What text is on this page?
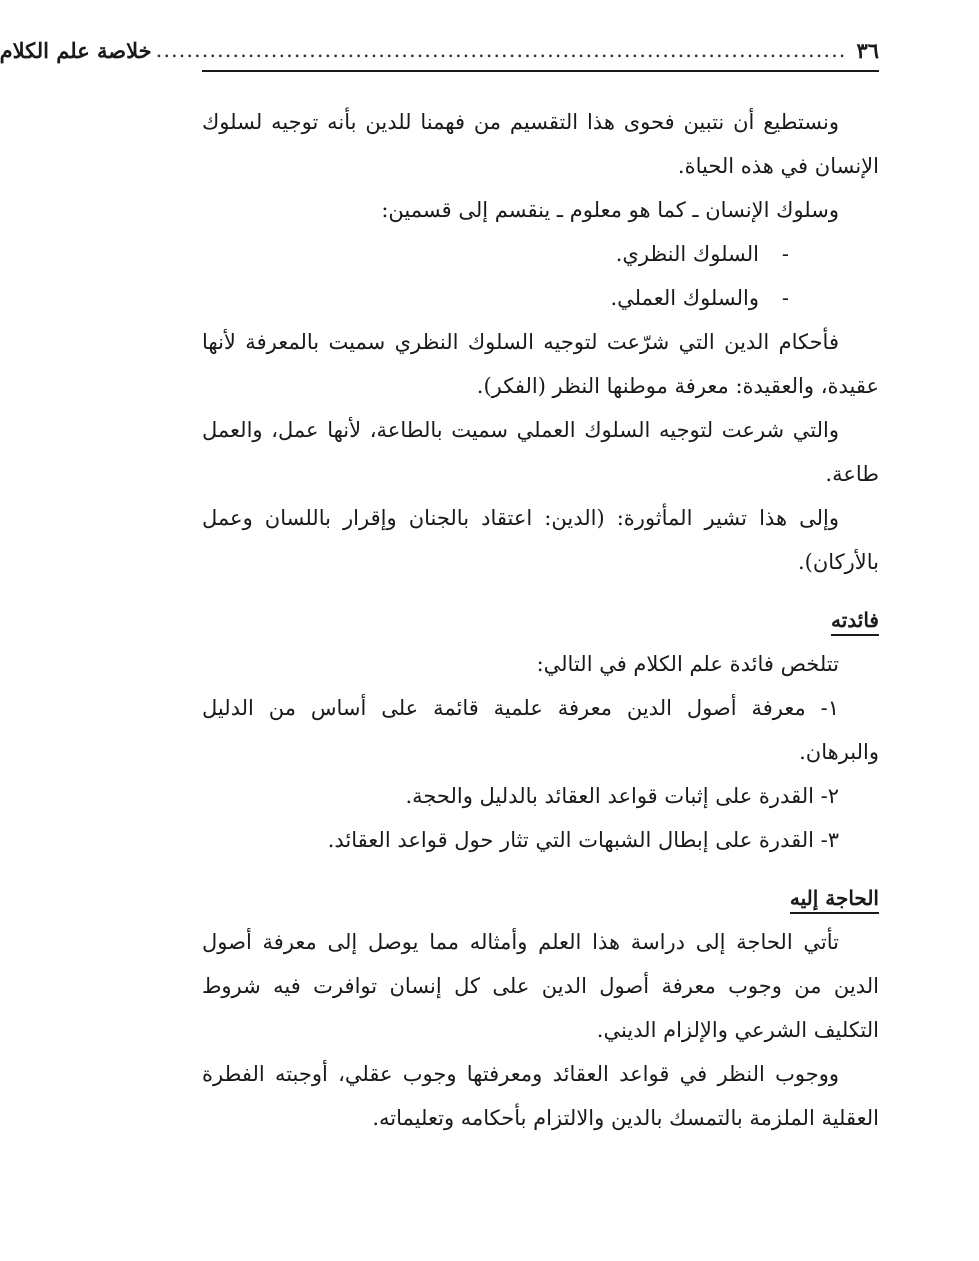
٣٦
..........................................................................................
خلاصة علم الكلام

ونستطيع أن نتبين فحوى هذا التقسيم من فهمنا للدين بأنه توجيه لسلوك الإنسان في هذه الحياة.

وسلوك الإنسان ـ كما هو معلوم ـ ينقسم إلى قسمين:

-السلوك النظري.

-والسلوك العملي.

فأحكام الدين التي شرّعت لتوجيه السلوك النظري سميت بالمعرفة لأنها عقيدة، والعقيدة: معرفة موطنها النظر (الفكر).

والتي شرعت لتوجيه السلوك العملي سميت بالطاعة، لأنها عمل، والعمل طاعة.

وإلى هذا تشير المأثورة: (الدين: اعتقاد بالجنان وإقرار باللسان وعمل بالأركان).

فائدته

تتلخص فائدة علم الكلام في التالي:

١- معرفة أصول الدين معرفة علمية قائمة على أساس من الدليل والبرهان.

٢- القدرة على إثبات قواعد العقائد بالدليل والحجة.

٣- القدرة على إبطال الشبهات التي تثار حول قواعد العقائد.

الحاجة إليه

تأتي الحاجة إلى دراسة هذا العلم وأمثاله مما يوصل إلى معرفة أصول الدين من وجوب معرفة أصول الدين على كل إنسان توافرت فيه شروط التكليف الشرعي والإلزام الديني.

ووجوب النظر في قواعد العقائد ومعرفتها وجوب عقلي، أوجبته الفطرة العقلية الملزمة بالتمسك بالدين والالتزام بأحكامه وتعليماته.
